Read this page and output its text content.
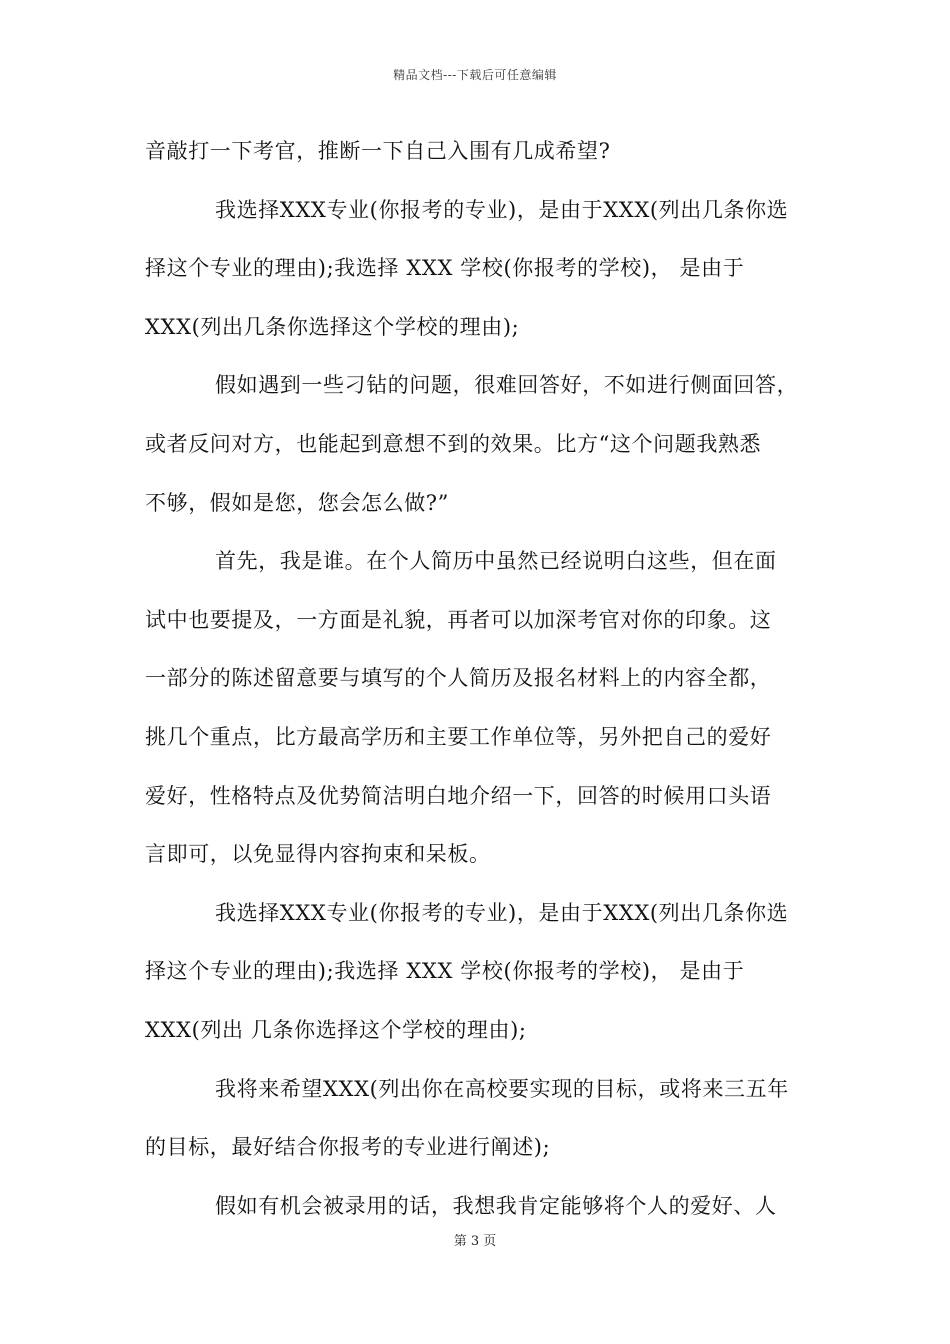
精品文档---下载后可任意编辑
音敲打一下考官，推断一下自己入围有几成希望?
我选择XXX专业(你报考的专业)，是由于XXX(列出几条你选
择这个专业的理由);我选择 XXX 学校(你报考的学校)， 是由于
XXX(列出几条你选择这个学校的理由);
假如遇到一些刁钻的问题，很难回答好，不如进行侧面回答，
或者反问对方，也能起到意想不到的效果。比方“这个问题我熟悉
不够，假如是您，您会怎么做?”
首先，我是谁。在个人简历中虽然已经说明白这些，但在面
试中也要提及，一方面是礼貌，再者可以加深考官对你的印象。这
一部分的陈述留意要与填写的个人简历及报名材料上的内容全都，
挑几个重点，比方最高学历和主要工作单位等，另外把自己的爱好
爱好，性格特点及优势简洁明白地介绍一下，回答的时候用口头语
言即可，以免显得内容拘束和呆板。
我选择XXX专业(你报考的专业)，是由于XXX(列出几条你选
择这个专业的理由);我选择 XXX 学校(你报考的学校)， 是由于
XXX(列出 几条你选择这个学校的理由);
我将来希望XXX(列出你在高校要实现的目标，或将来三五年
的目标，最好结合你报考的专业进行阐述);
假如有机会被录用的话，我想我肯定能够将个人的爱好、人
第 3 页
